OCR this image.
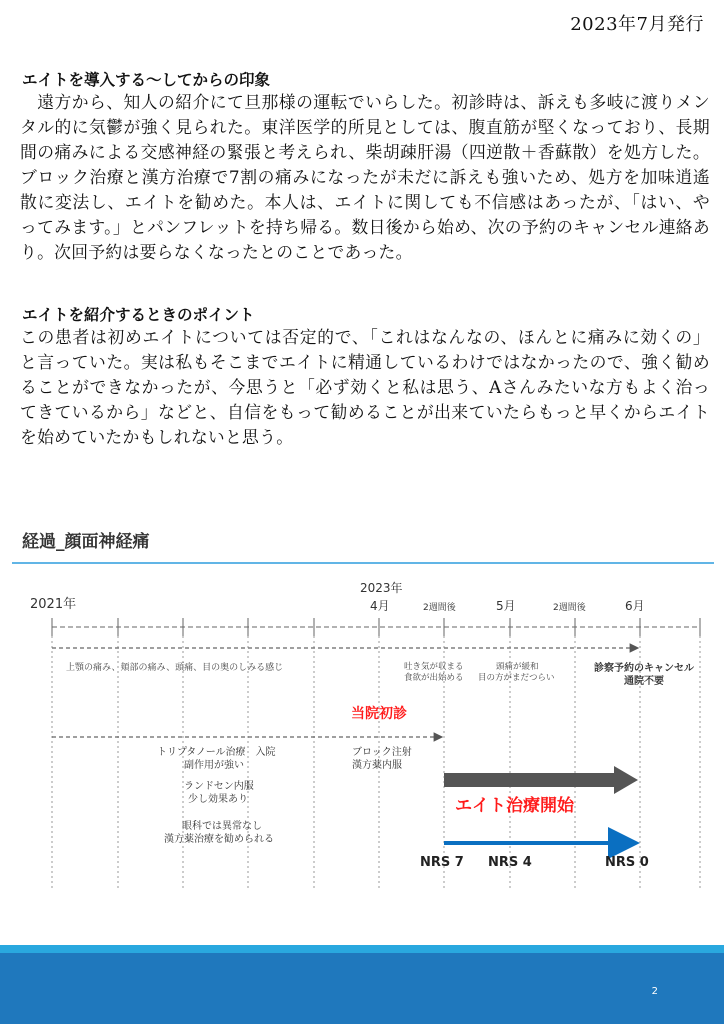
2023年7月発行
エイトを導入する〜してからの印象

　遠方から、知人の紹介にて旦那様の運転でいらした。初診時は、訴えも多岐に渡りメンタル的に気鬱が強く見られた。東洋医学的所見としては、腹直筋が堅くなっており、長期間の痛みによる交感神経の緊張と考えられ、柴胡疎肝湯（四逆散＋香蘇散）を処方した。ブロック治療と漢方治療で7割の痛みになったが未だに訴えも強いため、処方を加味逍遙散に変法し、エイトを勧めた。本人は、エイトに関しても不信感はあったが、「はい、やってみます。」とパンフレットを持ち帰る。数日後から始め、次の予約のキャンセル連絡あり。次回予約は要らなくなったとのことであった。

エイトを紹介するときのポイント

この患者は初めエイトについては否定的で、「これはなんなの、ほんとに痛みに効くの」と言っていた。実は私もそこまでエイトに精通しているわけではなかったので、強く勧めることができなかったが、今思うと「必ず効くと私は思う、Aさんみたいな方もよく治ってきているから」などと、自信をもって勧めることが出来ていたらもっと早くからエイトを始めていたかもしれないと思う。

経過_顔面神経痛
2021年
2023年
4月	2週間後	5月	2週間後	6月
上顎の痛み、頬部の痛み、頭痛、目の奥のしみる感じ	吐き気が収まる
食欲が出始める
頭痛が緩和
目の方がまだつらい
診察予約のキャンセル
通院不要
当院初診
トリプタノール治療　入院
副作用が強い
ランドセン内服
少し効果あり
眼科では異常なし
漢方薬治療を勧められる
ブロック注射
漢方薬内服
エイト治療開始
NRS 7 NRS 4	NRS 0
2
